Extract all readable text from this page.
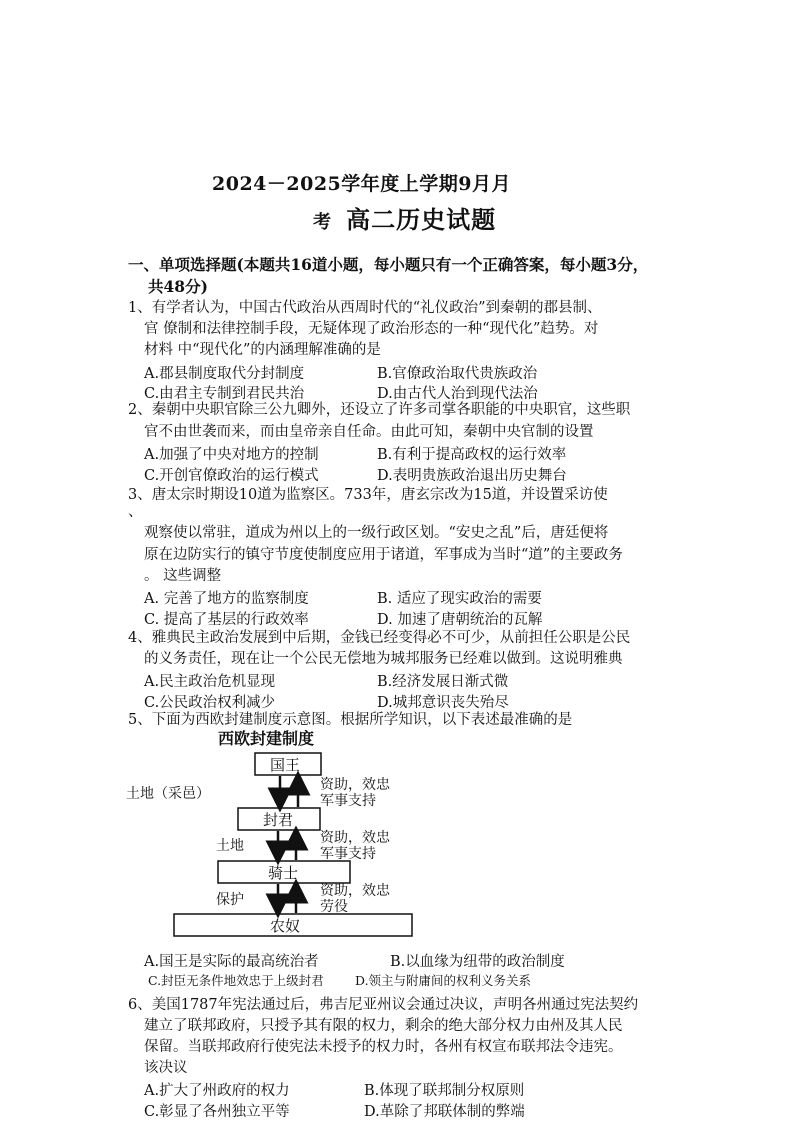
2024－2025学年度上学期9月月
考 高二历史试题
一、单项选择题(本题共16道小题，每小题只有一个正确答案，每小题3分，
共48分)
1、有学者认为，中国古代政治从西周时代的“礼仪政治”到秦朝的郡县制、
官 僚制和法律控制手段，无疑体现了政治形态的一种“现代化”趋势。对
材料 中“现代化”的内涵理解准确的是
A.郡县制度取代分封制度	B.官僚政治取代贵族政治
C.由君主专制到君民共治	D.由古代人治到现代法治
2、秦朝中央职官除三公九卿外，还设立了许多司掌各职能的中央职官，这些职
官不由世袭而来，而由皇帝亲自任命。由此可知，秦朝中央官制的设置
A.加强了中央对地方的控制	B.有利于提高政权的运行效率
C.开创官僚政治的运行模式	D.表明贵族政治退出历史舞台
3、唐太宗时期设10道为监察区。733年，唐玄宗改为15道，并设置采访使
、
观察使以常驻，道成为州以上的一级行政区划。“安史之乱”后，唐廷便将
原在边防实行的镇守节度使制度应用于诸道，军事成为当时“道”的主要政务
。 这些调整
A. 完善了地方的监察制度	B. 适应了现实政治的需要
C. 提高了基层的行政效率	D. 加速了唐朝统治的瓦解
4、雅典民主政治发展到中后期，金钱已经变得必不可少，从前担任公职是公民
的义务责任，现在让一个公民无偿地为城邦服务已经难以做到。这说明雅典
A.民主政治危机显现	B.经济发展日渐式微
C.公民政治权利减少	D.城邦意识丧失殆尽
5、下面为西欧封建制度示意图。根据所学知识，以下表述最准确的是
西欧封建制度
国王
封君
骑士
农奴
土地（采邑）
土地
保护
资助，效忠
军事支持
资助，效忠
军事支持
资助，效忠
劳役
A.国王是实际的最高统治者	B.以血缘为纽带的政治制度
C.封臣无条件地效忠于上级封君	D.领主与附庸间的权利义务关系
6、美国1787年宪法通过后，弗吉尼亚州议会通过决议，声明各州通过宪法契约
建立了联邦政府，只授予其有限的权力，剩余的绝大部分权力由州及其人民
保留。当联邦政府行使宪法未授予的权力时，各州有权宣布联邦法令违宪。
该决议
A.扩大了州政府的权力	B.体现了联邦制分权原则
C.彰显了各州独立平等	D.革除了邦联体制的弊端
